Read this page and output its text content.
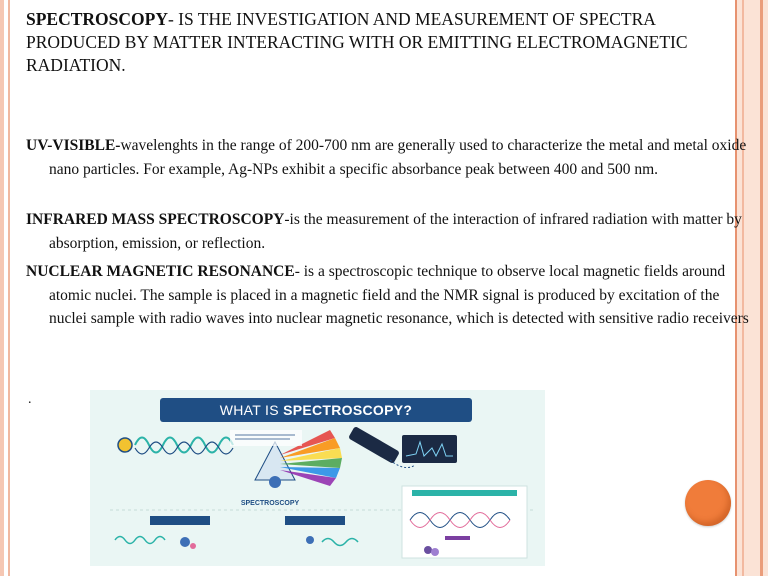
SPECTROSCOPY- IS THE INVESTIGATION AND MEASUREMENT OF SPECTRA PRODUCED BY MATTER INTERACTING WITH OR EMITTING ELECTROMAGNETIC RADIATION.
UV-VISIBLE-wavelenghts in the range of 200-700 nm are generally used to characterize the metal and metal oxide nano particles. For example, Ag-NPs exhibit a specific absorbance peak between 400 and 500 nm.
INFRARED MASS SPECTROSCOPY-is the measurement of the interaction of infrared radiation with matter by absorption, emission, or reflection.
NUCLEAR MAGNETIC RESONANCE- is a spectroscopic technique to observe local magnetic fields around atomic nuclei. The sample is placed in a magnetic field and the NMR signal is produced by excitation of the nuclei sample with radio waves into nuclear magnetic resonance, which is detected with sensitive radio receivers
.
WHAT IS SPECTROSCOPY?
SPECTROSCOPY
